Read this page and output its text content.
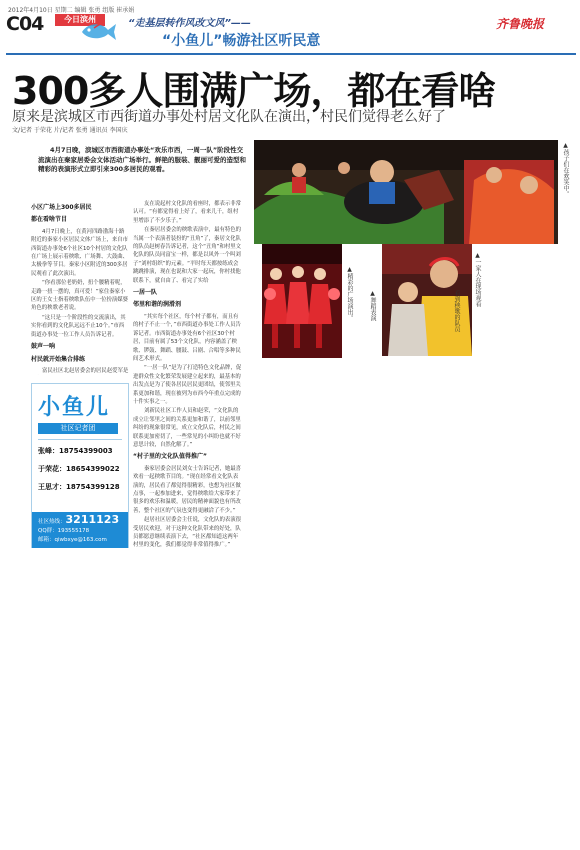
2012年4月10日 星期二 编辑 张勇 组版 崔承娟
C04	今日滨州	“走基层转作风改文风”——
“小鱼儿”畅游社区听民意
齐鲁晚报
300多人围满广场，都在看啥
原来是滨城区市西街道办事处村居文化队在演出，村民们觉得老么好了
文/记者 于荣花 片/记者 张勇 通讯员 李国庆

4月7日晚，滨城区市西街道办事处“欢乐市西，一周一队”阶段性交流演出在秦家居委会文体活动广场举行。鲜艳的服装、靓丽可爱的造型和精彩的表演形式立即引来300多居民的观看。

小区广场上300多居民
都在看啥节目

4月7日晚上，在黄河四路渤海十路附近的秦家小区居民文体广场上，来自市西街道办事处6个社区10个村居的文化队在广场上展示着秧歌、广场舞、大鼓曲、太极拳等节目。秦家小区附近的300多居民观看了此次演出。

“你看那位老奶奶，扭个腰精着呢，走路一扭一摆的，真可爱！”家住秦家小区的王女士指着秧歌队伍中一位扮演媒婆角色的秧歌老者说。

“这只是一个阶段性的交流演出，其实你看到的文化队远远不止10个。”市西街道办事处一位工作人员告诉记者。

鼓声一响
村民就开始集合排练

富民社区北赵居委会的居民赵爱军是

友在说起村文化队的看座时，都表示非常认可。“有都觉得看上好了，看来儿千，组村里增添了不少乐子。”

在秦居居委会的秧歌表演中，最有特色的当属一个表演者装扮的“丑角”了，秦居文化队的队员赵树春告诉记者，这个“丑角”和村里文化队的队员同富宝一样，都是以风外一个叫刘子“刘村组织”的元素。“平时每天都按练成会跳跳排演，现在也说和大家一起玩，你村找他联系下，就自由了、看完了实给

一居一队
邻里和谐的润滑剂

“其实每个社区，每个村子都有，而且有的村子不止一个，”市西街道办事处工作人员告诉记者。市西街道办事处有6个社区30个村居，目前有属了53个文化队，内容涵盖了秧歌、锣鼓、舞蹈、腰鼓、吕剧、合唱等多种民间艺术形式。

“一居一队”是为了打造特色文化品牌，促进群众性文化繁荣发展建立起来的，最基本的出发点是为了使各居民居民更团结，使邻里关系更加和谐，现在被列为市西今年重点完成的十件实事之一。

刘新民社区工作人员和赵荣，“文化队的成立让邻里之间的关系更加和谐了，以前邻里纠纷的现象很常见，成立文化队后，村民之间联系更加密切了，一些常见的小纠纷也就不好意思计较，自然化解了。”

“村子里的文化队值得推广”

秦家居委会居民刘女士告诉记者，她最喜欢看一起秧歌节目的。“现在经常看文化队表演的，居民看了都觉得很精彩，也想为社区做点事，一起参加进来，觉得秧歌给大家带来了很多的欢乐和温暖，居民的精神面貌也有所改善，整个社区的气氛也变得更融洽了不少。”

赵居社区居委会主任说，文化队的表演很受居民欢迎，对于这种文化队带来的好处，队员都愿意继续表演下去，“社区都知道这两年村里的变化，我们都觉得非常值得推广。”

小鱼儿
社区记者团
张峰：18754399003
于荣花：18654399022
王思才：18754399128
社区热线：3211123
QQ群：193555178
邮箱：qiwbxye@163.com
▲孩子们在欢笑中。
▲精彩的广场演出。	▲舞蹈表演	▲一家人在现场观看
看到秧歌的队员
